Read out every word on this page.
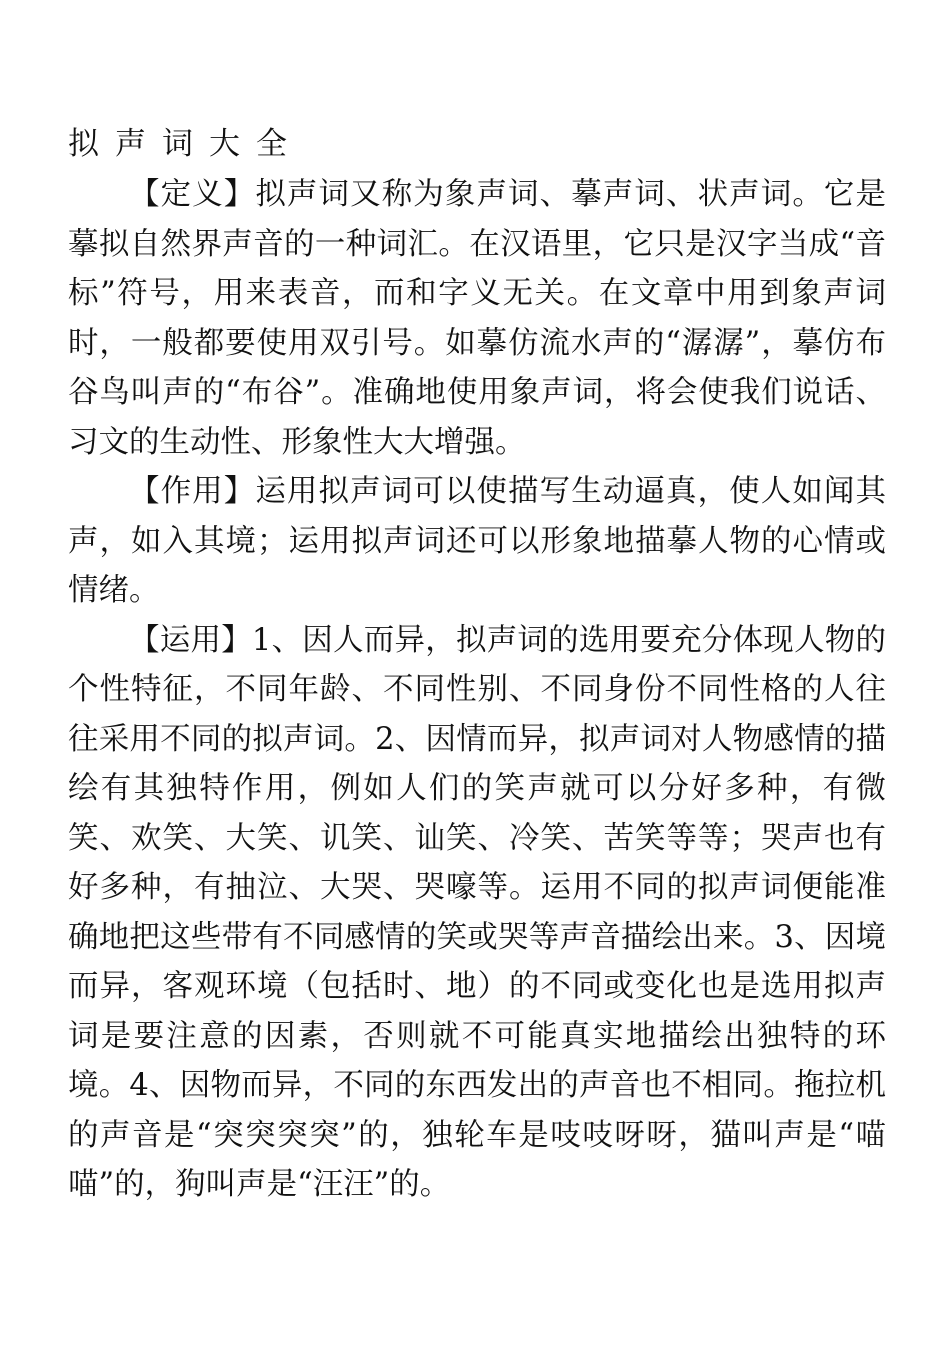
拟声词大全

【定义】拟声词又称为象声词、摹声词、状声词。它是摹拟自然界声音的一种词汇。在汉语里，它只是汉字当成“音标”符号，用来表音，而和字义无关。在文章中用到象声词时，一般都要使用双引号。如摹仿流水声的“潺潺”，摹仿布谷鸟叫声的“布谷”。准确地使用象声词，将会使我们说话、习文的生动性、形象性大大增强。

【作用】运用拟声词可以使描写生动逼真，使人如闻其声，如入其境；运用拟声词还可以形象地描摹人物的心情或情绪。

【运用】1、因人而异，拟声词的选用要充分体现人物的个性特征，不同年龄、不同性别、不同身份不同性格的人往往采用不同的拟声词。2、因情而异，拟声词对人物感情的描绘有其独特作用，例如人们的笑声就可以分好多种，有微笑、欢笑、大笑、讥笑、讪笑、冷笑、苦笑等等；哭声也有好多种，有抽泣、大哭、哭嚎等。运用不同的拟声词便能准确地把这些带有不同感情的笑或哭等声音描绘出来。3、因境而异，客观环境（包括时、地）的不同或变化也是选用拟声词是要注意的因素，否则就不可能真实地描绘出独特的环境。4、因物而异，不同的东西发出的声音也不相同。拖拉机的声音是“突突突突”的，独轮车是吱吱呀呀，猫叫声是“喵喵”的，狗叫声是“汪汪”的。
